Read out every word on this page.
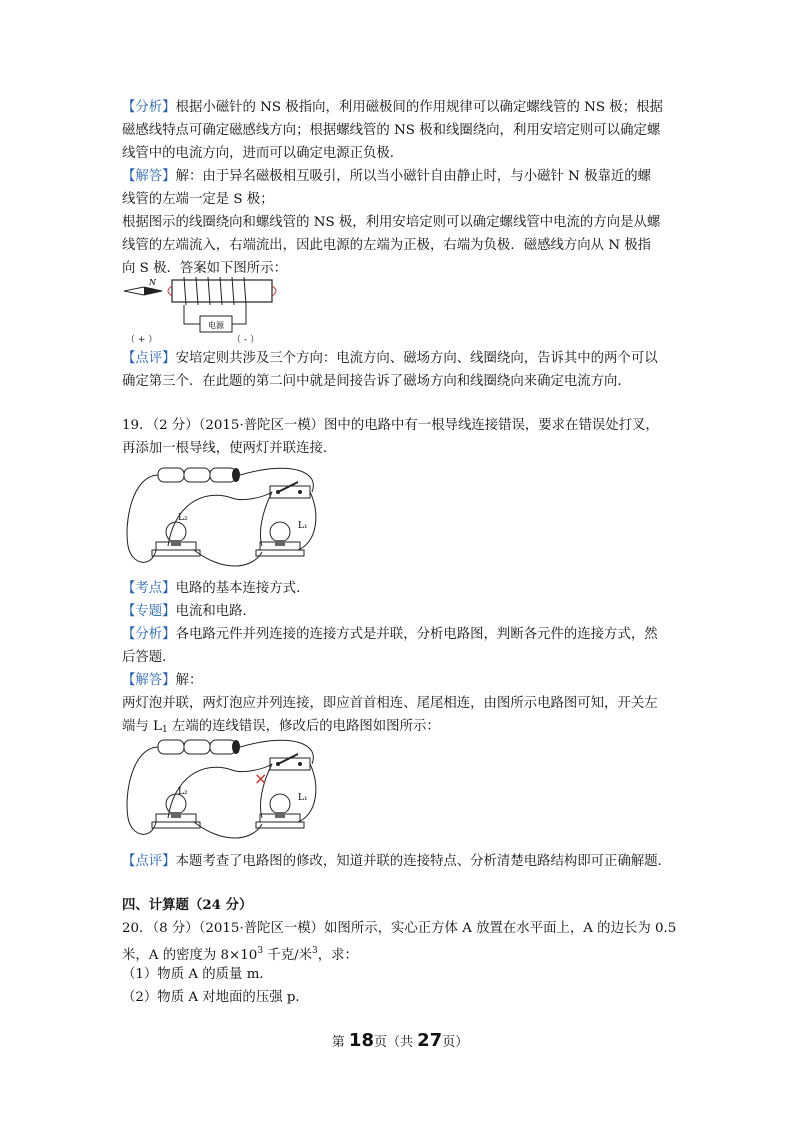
【分析】根据小磁针的 NS 极指向，利用磁极间的作用规律可以确定螺线管的 NS 极；根据
磁感线特点可确定磁感线方向；根据螺线管的 NS 极和线圈绕向，利用安培定则可以确定螺
线管中的电流方向，进而可以确定电源正负极．
【解答】解：由于异名磁极相互吸引，所以当小磁针自由静止时，与小磁针 N 极靠近的螺
线管的左端一定是 S 极；
根据图示的线圈绕向和螺线管的 NS 极，利用安培定则可以确定螺线管中电流的方向是从螺
线管的左端流入，右端流出，因此电源的左端为正极，右端为负极．磁感线方向从 N 极指
向 S 极．答案如下图所示：
N
电源
（ + ）	（ - ）
【点评】安培定则共涉及三个方向：电流方向、磁场方向、线圈绕向，告诉其中的两个可以
确定第三个．在此题的第二问中就是间接告诉了磁场方向和线圈绕向来确定电流方向．
19．（2 分）（2015·普陀区一模）图中的电路中有一根导线连接错误，要求在错误处打叉，
再添加一根导线，使两灯并联连接．
L₂
L₁
【考点】电路的基本连接方式．
【专题】电流和电路．
【分析】各电路元件并列连接的连接方式是并联，分析电路图，判断各元件的连接方式，然
后答题．
【解答】解：
两灯泡并联，两灯泡应并列连接，即应首首相连、尾尾相连，由图所示电路图可知，开关左
端与 $L_1$ 左端的连线错误，修改后的电路图如图所示：
L₂
L₁
×
【点评】本题考查了电路图的修改，知道并联的连接特点、分析清楚电路结构即可正确解题．
四、计算题（24 分）
20．（8 分）（2015·普陀区一模）如图所示，实心正方体 A 放置在水平面上，A 的边长为 0.5
米，A 的密度为 $8\times 10^3$ 千克/米$^3$，求：
（1）物质 A 的质量 m．
（2）物质 A 对地面的压强 p．
第 18页（共 27页）
